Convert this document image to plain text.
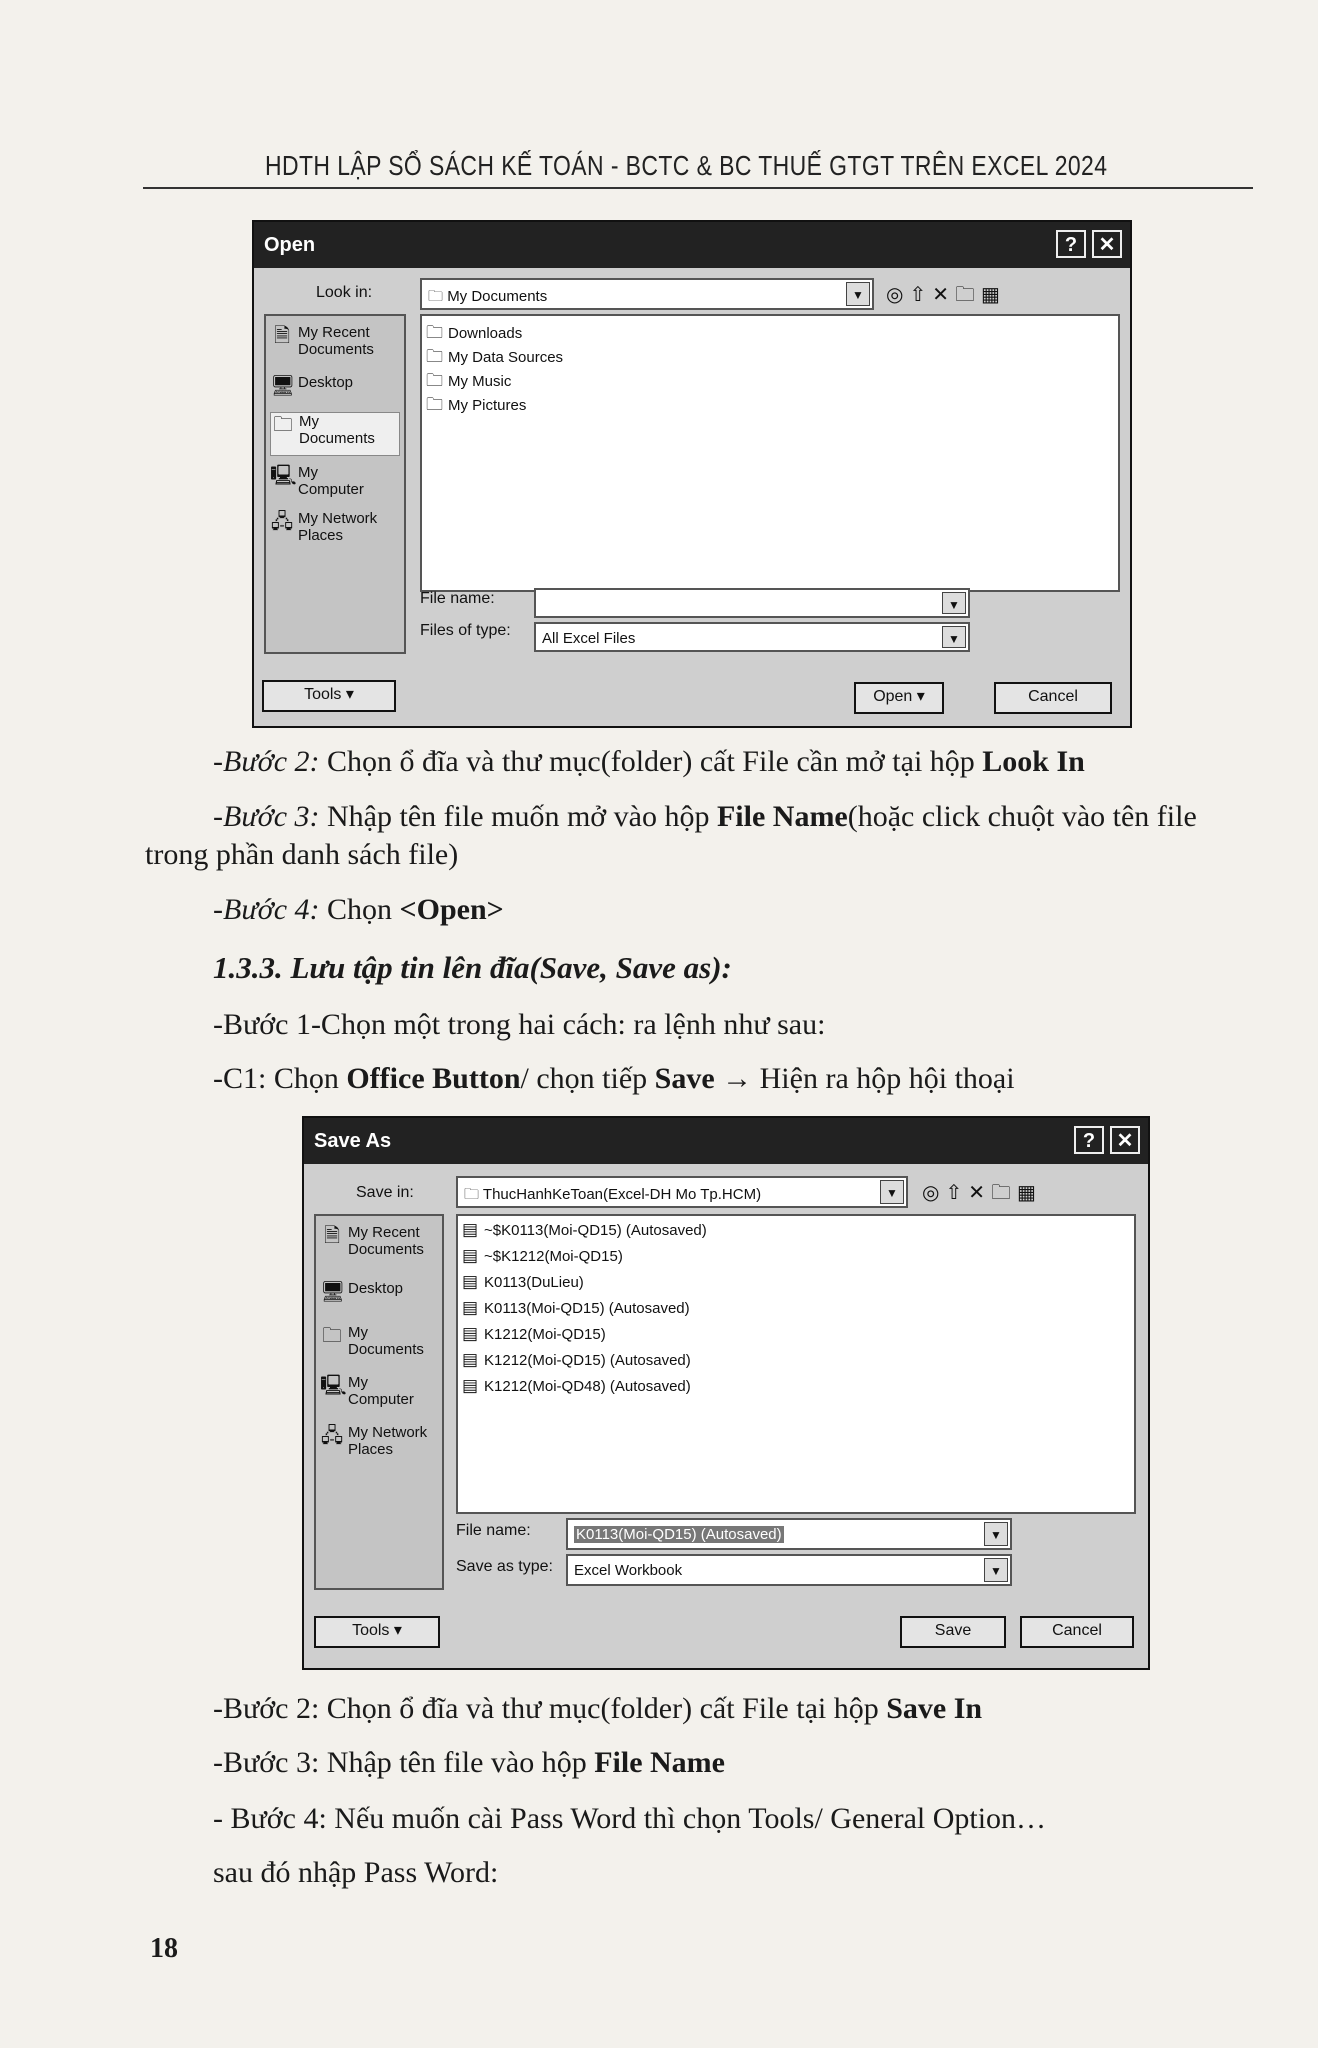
HDTH LẬP SỔ SÁCH KẾ TOÁN - BCTC & BC THUẾ GTGT TRÊN EXCEL 2024
Open	?	✕
Look in:	🗀 My Documents	▼	◎⇧✕🗀▦
🗎 My Recent Documents
🖥 Desktop
🗀 My Documents
🖳 My Computer
🖧 My Network Places
🗀 Downloads
🗀 My Data Sources
🗀 My Music
🗀 My Pictures
File name:	▼
Files of type: All Excel Files	▼
Tools ▾	Open ▾	Cancel
-Bước 2: Chọn ổ đĩa và thư mục(folder) cất File cần mở tại hộp Look In
-Bước 3: Nhập tên file muốn mở vào hộp File Name(hoặc click chuột vào tên file
trong phần danh sách file)
-Bước 4: Chọn <Open>
1.3.3. Lưu tập tin lên đĩa(Save, Save as):
-Bước 1-Chọn một trong hai cách: ra lệnh như sau:
-C1: Chọn Office Button/ chọn tiếp Save → Hiện ra hộp hội thoại
Save As	?	✕
Save in:	🗀 ThucHanhKeToan(Excel-DH Mo Tp.HCM)	▼	◎⇧✕🗀▦
🗎 My Recent Documents
🖥 Desktop
🗀 My Documents
🖳 My Computer
🖧 My Network Places
▤ ~$K0113(Moi-QD15) (Autosaved)
▤ ~$K1212(Moi-QD15)
▤ K0113(DuLieu)
▤ K0113(Moi-QD15) (Autosaved)
▤ K1212(Moi-QD15)
▤ K1212(Moi-QD15) (Autosaved)
▤ K1212(Moi-QD48) (Autosaved)
File name:	K0113(Moi-QD15) (Autosaved)	▼
Save as type: Excel Workbook	▼
Tools ▾	Save	Cancel
-Bước 2: Chọn ổ đĩa và thư mục(folder) cất File tại hộp Save In
-Bước 3: Nhập tên file vào hộp File Name
- Bước 4: Nếu muốn cài Pass Word thì chọn Tools/ General Option…
sau đó nhập Pass Word:
18
